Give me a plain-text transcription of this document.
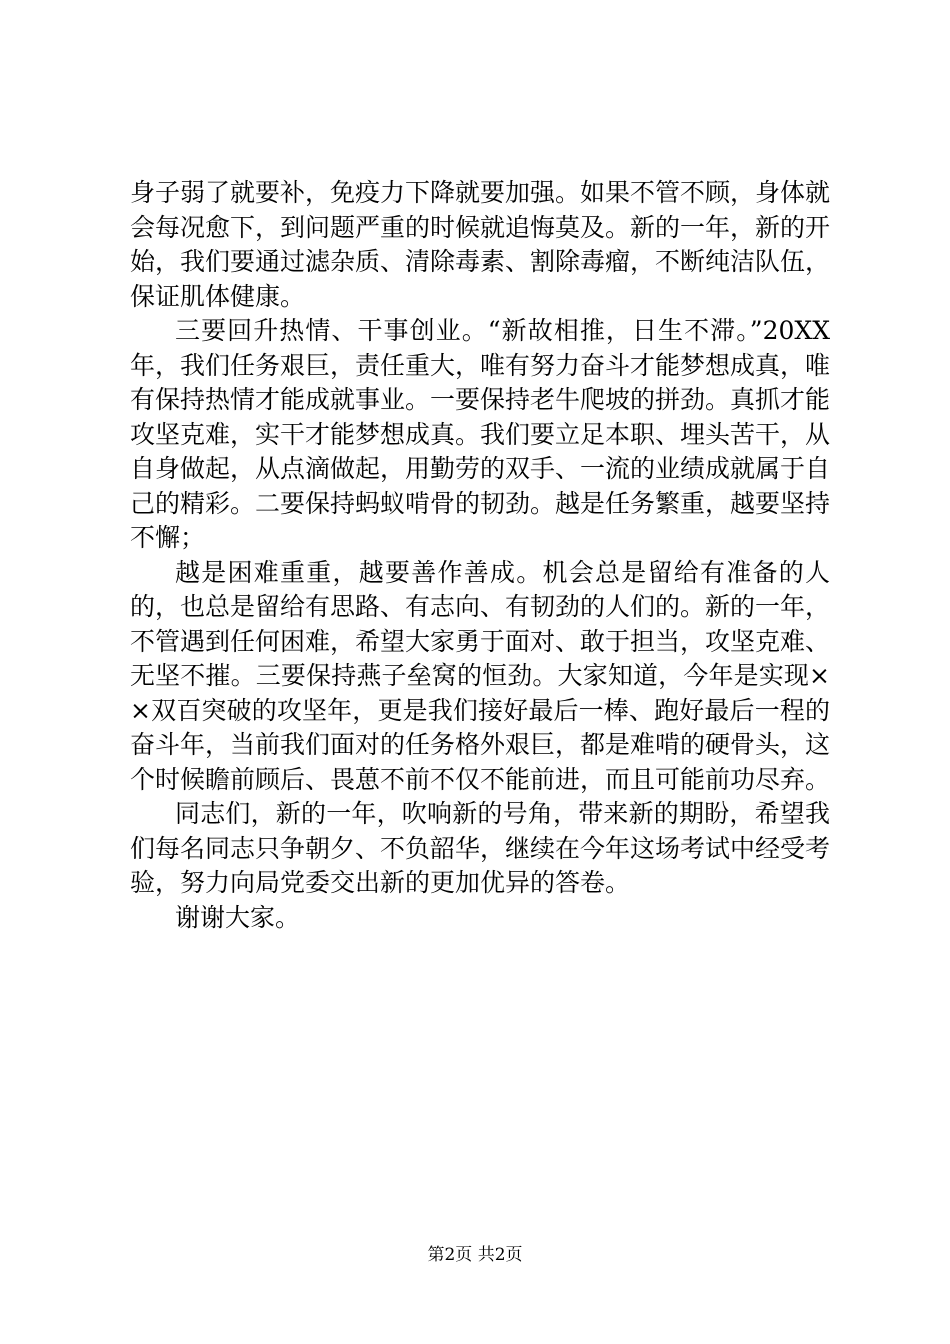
身子弱了就要补，免疫力下降就要加强。如果不管不顾，身体就会每况愈下，到问题严重的时候就追悔莫及。新的一年，新的开始，我们要通过滤杂质、清除毒素、割除毒瘤，不断纯洁队伍，保证肌体健康。

三要回升热情、干事创业。“新故相推，日生不滞。”20XX年，我们任务艰巨，责任重大，唯有努力奋斗才能梦想成真，唯有保持热情才能成就事业。一要保持老牛爬坡的拼劲。真抓才能攻坚克难，实干才能梦想成真。我们要立足本职、埋头苦干，从自身做起，从点滴做起，用勤劳的双手、一流的业绩成就属于自己的精彩。二要保持蚂蚁啃骨的韧劲。越是任务繁重，越要坚持不懈；

越是困难重重，越要善作善成。机会总是留给有准备的人的，也总是留给有思路、有志向、有韧劲的人们的。新的一年，不管遇到任何困难，希望大家勇于面对、敢于担当，攻坚克难、无坚不摧。三要保持燕子垒窝的恒劲。大家知道，今年是实现××双百突破的攻坚年，更是我们接好最后一棒、跑好最后一程的奋斗年，当前我们面对的任务格外艰巨，都是难啃的硬骨头，这个时候瞻前顾后、畏葸不前不仅不能前进，而且可能前功尽弃。

同志们，新的一年，吹响新的号角，带来新的期盼，希望我们每名同志只争朝夕、不负韶华，继续在今年这场考试中经受考验，努力向局党委交出新的更加优异的答卷。

谢谢大家。

第2页 共2页
